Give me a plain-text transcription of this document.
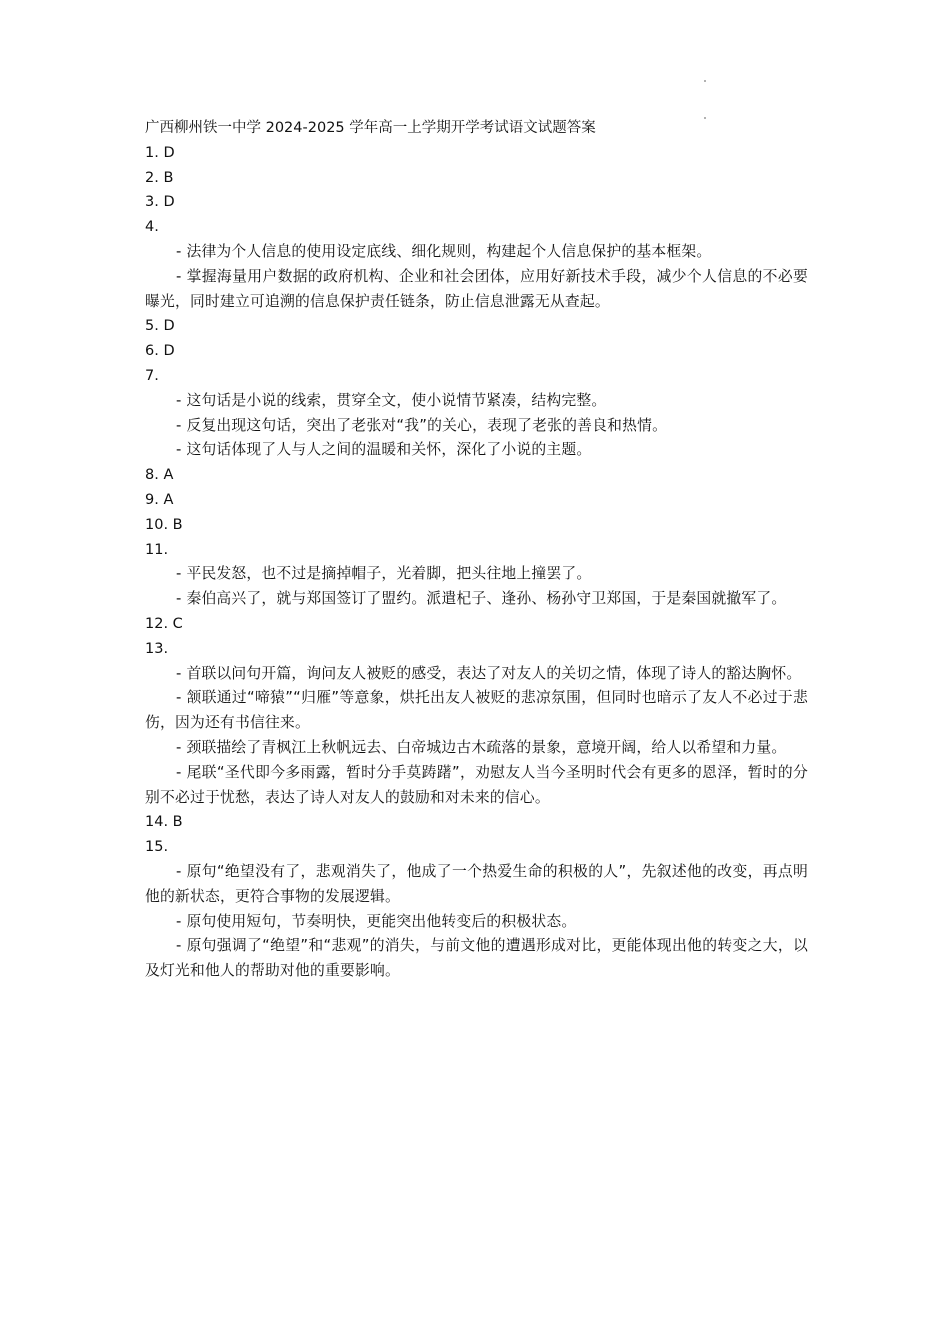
广西柳州铁一中学 2024-2025 学年高一上学期开学考试语文试题答案
1. D
2. B
3. D
4.
- 法律为个人信息的使用设定底线、细化规则，构建起个人信息保护的基本框架。
- 掌握海量用户数据的政府机构、企业和社会团体，应用好新技术手段，减少个人信息的不必要曝光，同时建立可追溯的信息保护责任链条，防止信息泄露无从查起。
5. D
6. D
7.
- 这句话是小说的线索，贯穿全文，使小说情节紧凑，结构完整。
- 反复出现这句话，突出了老张对“我”的关心，表现了老张的善良和热情。
- 这句话体现了人与人之间的温暖和关怀，深化了小说的主题。
8. A
9. A
10. B
11.
- 平民发怒，也不过是摘掉帽子，光着脚，把头往地上撞罢了。
- 秦伯高兴了，就与郑国签订了盟约。派遣杞子、逢孙、杨孙守卫郑国，于是秦国就撤军了。
12. C
13.
- 首联以问句开篇，询问友人被贬的感受，表达了对友人的关切之情，体现了诗人的豁达胸怀。
- 颔联通过“啼猿”“归雁”等意象，烘托出友人被贬的悲凉氛围，但同时也暗示了友人不必过于悲伤，因为还有书信往来。
- 颈联描绘了青枫江上秋帆远去、白帝城边古木疏落的景象，意境开阔，给人以希望和力量。
- 尾联“圣代即今多雨露，暂时分手莫踌躇”，劝慰友人当今圣明时代会有更多的恩泽，暂时的分别不必过于忧愁，表达了诗人对友人的鼓励和对未来的信心。
14. B
15.
- 原句“绝望没有了，悲观消失了，他成了一个热爱生命的积极的人”，先叙述他的改变，再点明他的新状态，更符合事物的发展逻辑。
- 原句使用短句，节奏明快，更能突出他转变后的积极状态。
- 原句强调了“绝望”和“悲观”的消失，与前文他的遭遇形成对比，更能体现出他的转变之大，以及灯光和他人的帮助对他的重要影响。
